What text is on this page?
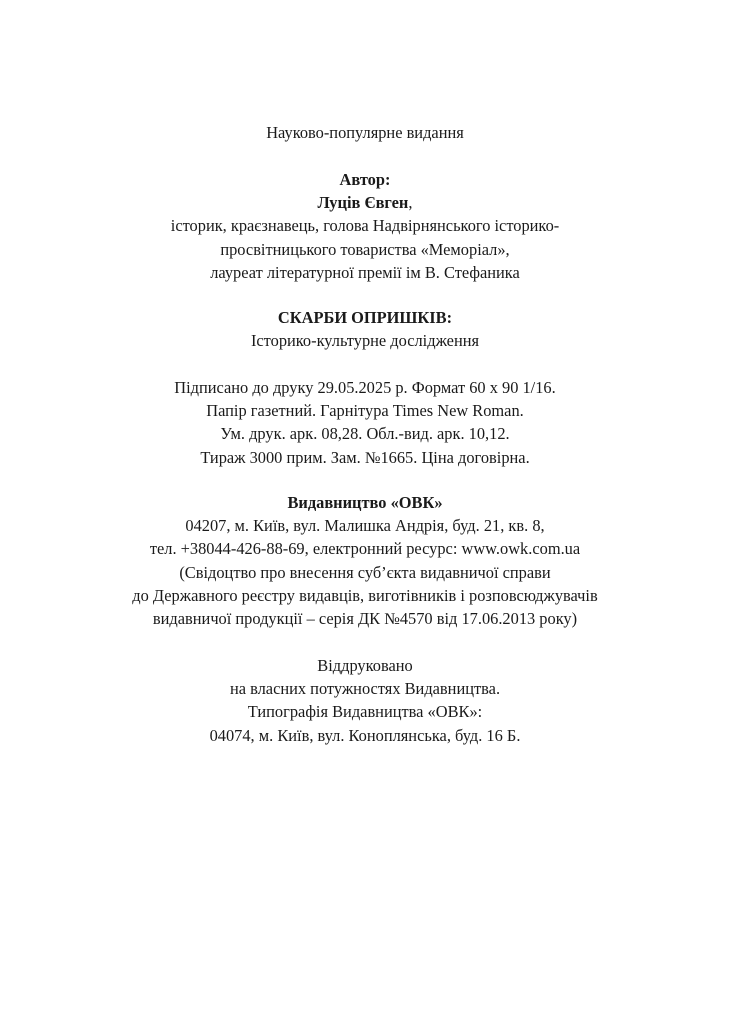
Науково-популярне видання
Автор:
Луців Євген,
історик, краєзнавець, голова Надвірнянського історико-
просвітницького товариства «Меморіал»,
лауреат літературної премії ім В. Стефаника
СКАРБИ ОПРИШКІВ:
Історико-культурне дослідження
Підписано до друку 29.05.2025 р. Формат 60 х 90 1/16.
Папір газетний. Гарнітура Times New Roman.
Ум. друк. арк. 08,28. Обл.-вид. арк. 10,12.
Тираж 3000 прим. Зам. №1665. Ціна договірна.
Видавництво «ОВК»
04207, м. Київ, вул. Малишка Андрія, буд. 21, кв. 8,
тел. +38044-426-88-69, електронний ресурс: www.owk.com.ua
(Свідоцтво про внесення суб’єкта видавничої справи
до Державного реєстру видавців, виготівників і розповсюджувачів
видавничої продукції – серія ДК №4570 від 17.06.2013 року)
Віддруковано
на власних потужностях Видавництва.
Типографія Видавництва «ОВК»:
04074, м. Київ, вул. Коноплянська, буд. 16 Б.
